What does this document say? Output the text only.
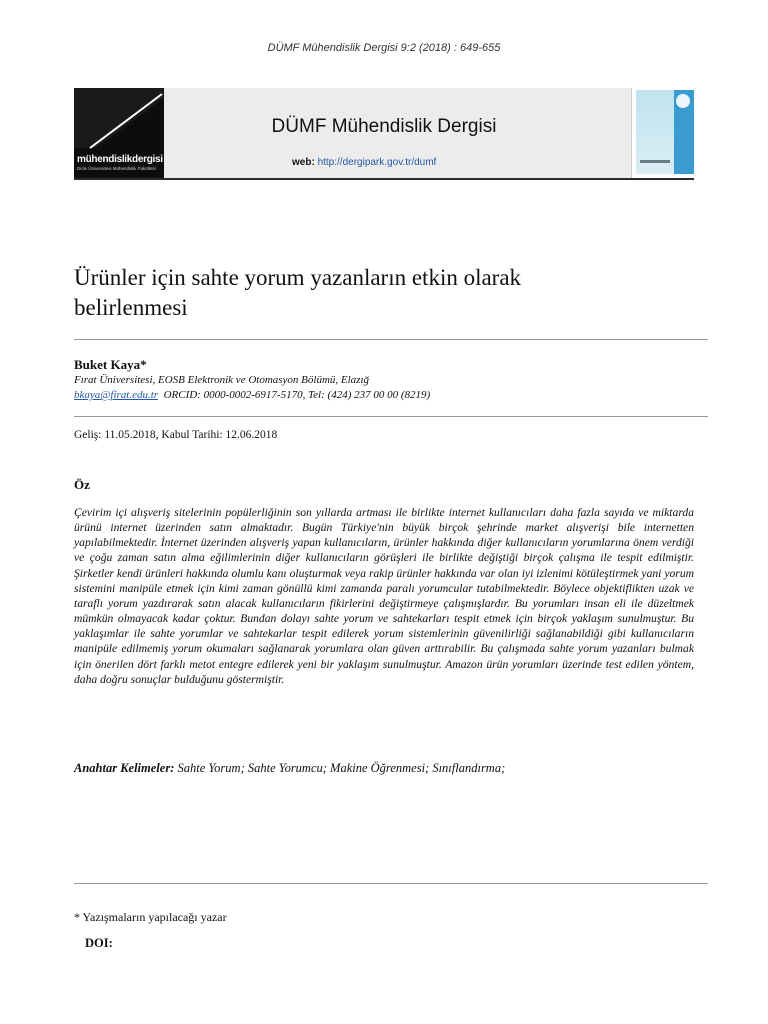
DÜMF Mühendislik Dergisi 9:2 (2018) : 649-655
mühendislikdergisi
Dicle Üniversitesi Mühendislik Fakültesi
DÜMF Mühendislik Dergisi
web: http://dergipark.gov.tr/dumf
Ürünler için sahte yorum yazanların etkin olarak belirlenmesi
Buket Kaya*
Fırat Üniversitesi, EOSB Elektronik ve Otomasyon Bölümü, Elazığ
bkaya@firat.edu.tr ORCID: 0000-0002-6917-5170, Tel: (424) 237 00 00 (8219)
Geliş: 11.05.2018, Kabul Tarihi: 12.06.2018
Öz

Çevirim içi alışveriş sitelerinin popülerliğinin son yıllarda artması ile birlikte internet kullanıcıları daha fazla sayıda ve miktarda ürünü internet üzerinden satın almaktadır. Bugün Türkiye'nin büyük birçok şehrinde market alışverişi bile internetten yapılabilmektedir. İnternet üzerinden alışveriş yapan kullanıcıların, ürünler hakkında diğer kullanıcıların yorumlarına önem verdiği ve çoğu zaman satın alma eğilimlerinin diğer kullanıcıların görüşleri ile birlikte değiştiği birçok çalışma ile tespit edilmiştir. Şirketler kendi ürünleri hakkında olumlu kanı oluşturmak veya rakip ürünler hakkında var olan iyi izlenimi kötüleştirmek yani yorum sistemini manipüle etmek için kimi zaman gönüllü kimi zamanda paralı yorumcular tutabilmektedir. Böylece objektiflikten uzak ve taraflı yorum yazdırarak satın alacak kullanıcıların fikirlerini değiştirmeye çalışmışlardır. Bu yorumları insan eli ile düzeltmek mümkün olmayacak kadar çoktur. Bundan dolayı sahte yorum ve sahtekarları tespit etmek için birçok yaklaşım sunulmuştur. Bu yaklaşımlar ile sahte yorumlar ve sahtekarlar tespit edilerek yorum sistemlerinin güvenilirliği sağlanabildiği gibi kullanıcıların manipüle edilmemiş yorum okumaları sağlanarak yorumlara olan güven arttırabilir. Bu çalışmada sahte yorum yazanları bulmak için önerilen dört farklı metot entegre edilerek yeni bir yaklaşım sunulmuştur. Amazon ürün yorumları üzerinde test edilen yöntem, daha doğru sonuçlar bulduğunu göstermiştir.

Anahtar Kelimeler: Sahte Yorum; Sahte Yorumcu; Makine Öğrenmesi; Sınıflandırma;
* Yazışmaların yapılacağı yazar
DOI:
